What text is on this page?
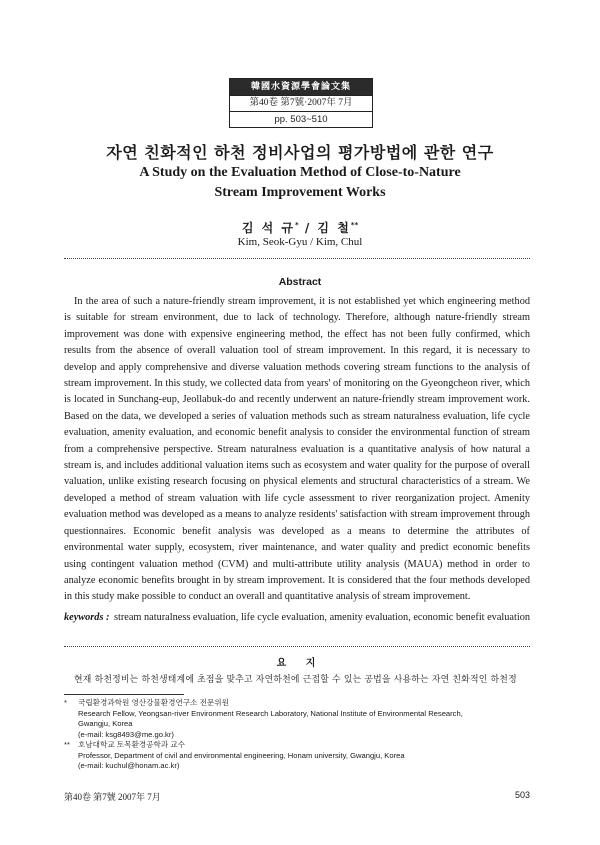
韓國水資源學會論文集
第40卷 第7號·2007年 7月
pp. 503~510
자연 친화적인 하천 정비사업의 평가방법에 관한 연구
A Study on the Evaluation Method of Close-to-Nature
Stream Improvement Works
김 석 규* / 김 철**
Kim, Seok-Gyu / Kim, Chul
Abstract

In the area of such a nature-friendly stream improvement, it is not established yet which engineering method is suitable for stream environment, due to lack of technology. Therefore, although nature-friendly stream improvement was done with expensive engineering method, the effect has not been fully confirmed, which results from the absence of overall valuation tool of stream improvement. In this regard, it is necessary to develop and apply comprehensive and diverse valuation methods covering stream functions to the analysis of stream improvement. In this study, we collected data from years' of monitoring on the Gyeongcheon river, which is located in Sunchang-eup, Jeollabuk-do and recently underwent an nature-friendly stream improvement work. Based on the data, we developed a series of valuation methods such as stream naturalness evaluation, life cycle evaluation, amenity evaluation, and economic benefit analysis to consider the environmental function of stream from a comprehensive perspective. Stream naturalness evaluation is a quantitative analysis of how natural a stream is, and includes additional valuation items such as ecosystem and water quality for the purpose of overall valuation, unlike existing research focusing on physical elements and structural characteristics of a stream. We developed a method of stream valuation with life cycle assessment to river reorganization project. Amenity evaluation method was developed as a means to analyze residents' satisfaction with stream improvement through questionnaires. Economic benefit analysis was developed as a means to determine the attributes of environmental water supply, ecosystem, river maintenance, and water quality and predict economic benefits using contingent valuation method (CVM) and multi-attribute utility analysis (MAUA) method in order to analyze economic benefits brought in by stream improvement. It is considered that the four methods developed in this study make possible to conduct an overall and quantitative analysis of stream improvement.

keywords : stream naturalness evaluation, life cycle evaluation, amenity evaluation, economic benefit evaluation
요 지
현재 하천정비는 하천생태계에 초점을 맞추고 자연하천에 근접할 수 있는 공법을 사용하는 자연 친화적인 하천정
* 국립환경과학원 영산강물환경연구소 전문위원
Research Fellow, Yeongsan-river Environment Research Laboratory, National Institute of Environmental Research,
Gwangju, Korea
(e-mail: ksg8493@me.go.kr)
** 호남대학교 토목환경공학과 교수
Professor, Department of civil and environmental engineering, Honam university, Gwangju, Korea
(e-mail: kuchul@honam.ac.kr)
第40卷 第7號 2007年 7月	503
